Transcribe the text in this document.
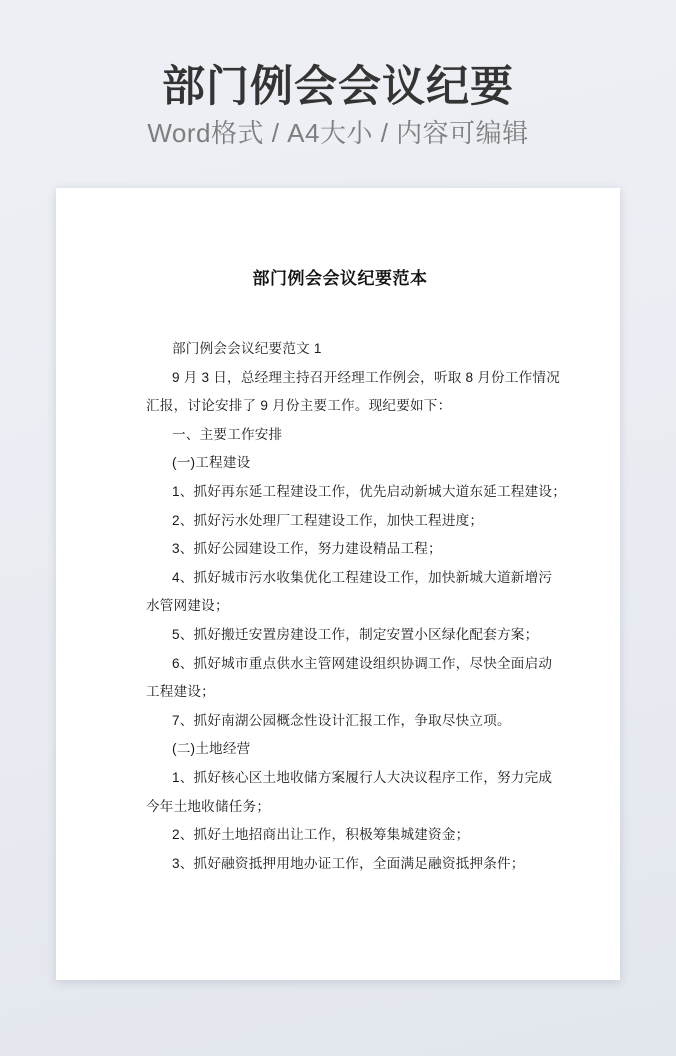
部门例会会议纪要
Word格式 / A4大小 / 内容可编辑
部门例会会议纪要范本
部门例会会议纪要范文 1
9 月 3 日，总经理主持召开经理工作例会，听取 8 月份工作情况
汇报，讨论安排了 9 月份主要工作。现纪要如下：
一、主要工作安排
(一)工程建设
1、抓好再东延工程建设工作，优先启动新城大道东延工程建设；
2、抓好污水处理厂工程建设工作，加快工程进度；
3、抓好公园建设工作，努力建设精品工程；
4、抓好城市污水收集优化工程建设工作，加快新城大道新增污
水管网建设；
5、抓好搬迁安置房建设工作，制定安置小区绿化配套方案；
6、抓好城市重点供水主管网建设组织协调工作，尽快全面启动
工程建设；
7、抓好南湖公园概念性设计汇报工作，争取尽快立项。
(二)土地经营
1、抓好核心区土地收储方案履行人大决议程序工作，努力完成
今年土地收储任务；
2、抓好土地招商出让工作，积极筹集城建资金；
3、抓好融资抵押用地办证工作，全面满足融资抵押条件；
